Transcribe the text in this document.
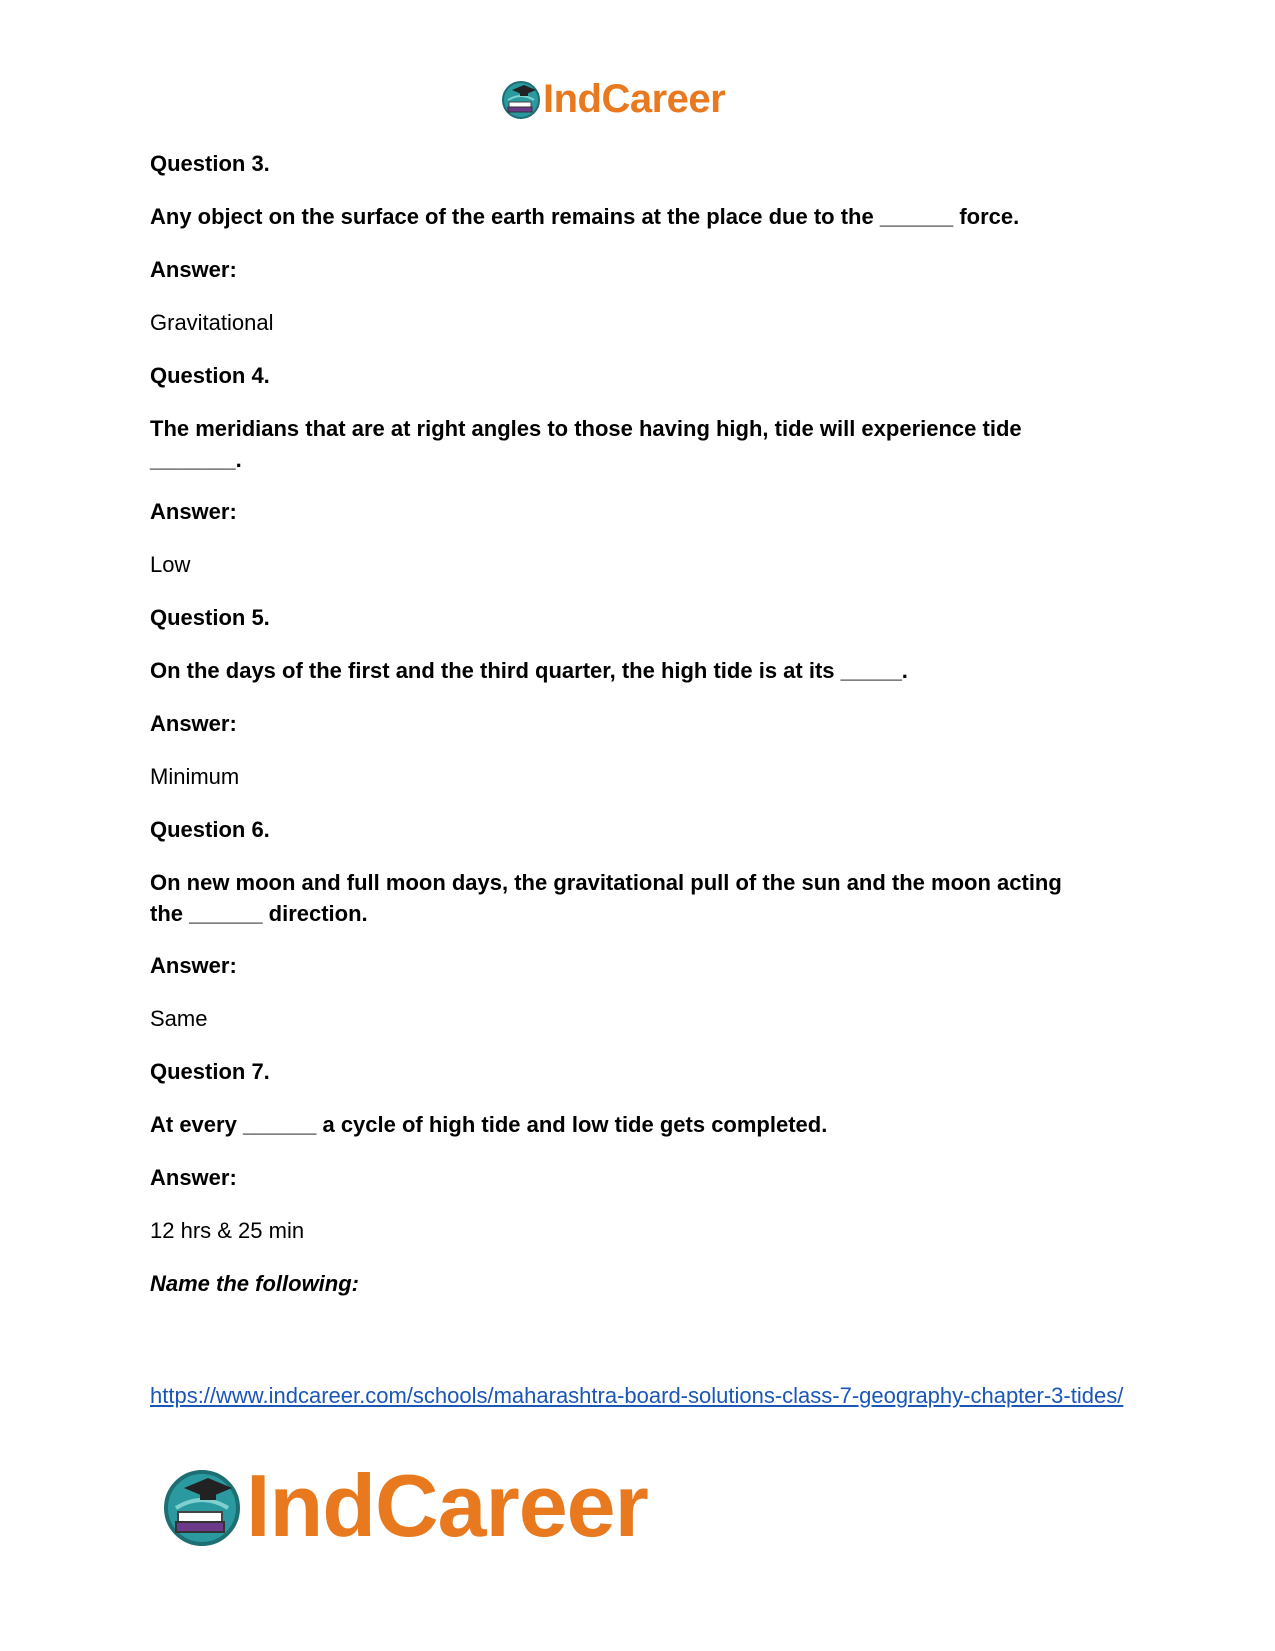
IndCareer

Question 3.

Any object on the surface of the earth remains at the place due to the ______ force.

Answer:

Gravitational

Question 4.

The meridians that are at right angles to those having high, tide will experience tide _______.

Answer:

Low

Question 5.

On the days of the first and the third quarter, the high tide is at its _____.

Answer:

Minimum

Question 6.

On new moon and full moon days, the gravitational pull of the sun and the moon acting the ______ direction.

Answer:

Same

Question 7.

At every ______ a cycle of high tide and low tide gets completed.

Answer:

12 hrs & 25 min

Name the following:

https://www.indcareer.com/schools/maharashtra-board-solutions-class-7-geography-chapter-3-tides/
IndCareer
